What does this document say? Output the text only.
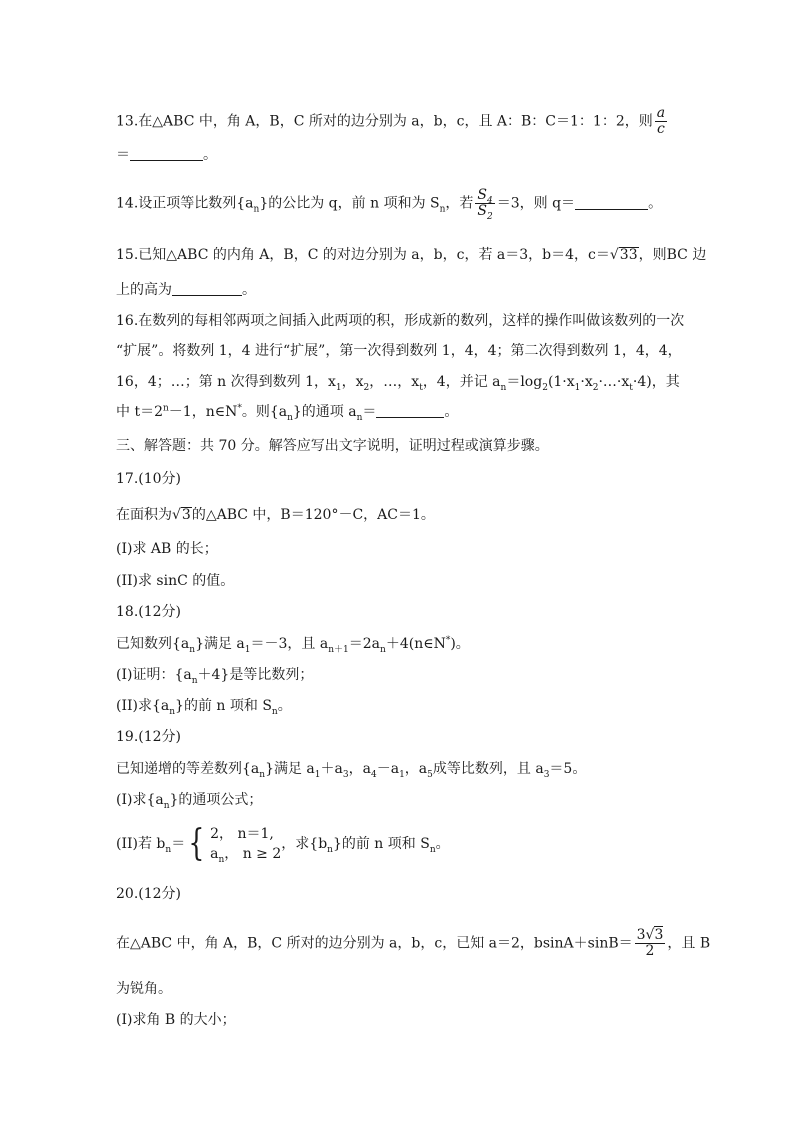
13.在△ABC 中，角 A，B，C 所对的边分别为 a，b，c，且 A：B：C＝1：1：2，则 $\frac{a}{c}$
＝	。
14.设正项等比数列$\{a_n\}$的公比为 q，前 n 项和为 $S_n$，若 $\frac{S_4}{S_2} =3$，则 q＝	。
15.已知△ABC 的内角 A，B，C 的对边分别为 a，b，c，若 a＝3，b＝4，c＝√33，则BC 边
上的高为	。
16.在数列的每相邻两项之间插入此两项的积，形成新的数列，这样的操作叫做该数列的一次
“扩展”。将数列 1，4 进行“扩展”，第一次得到数列 1，4，4；第二次得到数列 1，4，4，
16，4；…；第 n 次得到数列 1，$x_1$，$x_2$，…，$x_t$，4，并记 $a_n=\log_2(1\cdot x_1\cdot x_2\cdot\dots\cdot x_t\cdot 4)$，其
中 $t=2^n-1$，n∈N*。则$\{a_n\}$的通项 $a_n=$	。
三、解答题：共 70 分。解答应写出文字说明，证明过程或演算步骤。
17.(10分)
在面积为√3的△ABC 中，B＝120°－C，AC＝1。
(I)求 AB 的长；
(II)求 sinC 的值。
18.(12分)
已知数列$\{a_n\}$满足 $a_1=-3$，且 $a_{n+1}=2a_n+4(n\in N^*)$。
(I)证明：$\{a_n+4\}$是等比数列；
(II)求$\{a_n\}$的前 n 项和 $S_n$。
19.(12分)
已知递增的等差数列$\{a_n\}$满足 $a_1+a_3$，$a_4-a_1$，$a_5$成等比数列，且 $a_3=5$。
(I)求$\{a_n\}$的通项公式；
(II)若 $b_n=$ { 2， n＝1,
$a_n$， n ≥ 2
，求$\{b_n\}$的前 n 项和 $S_n$。
20.(12分)
在△ABC 中，角 A，B，C 所对的边分别为 a，b，c，已知 a＝2，$bsinA+\sin B= \frac{3√3}{2}$ ，且 B
为锐角。
(I)求角 B 的大小；
